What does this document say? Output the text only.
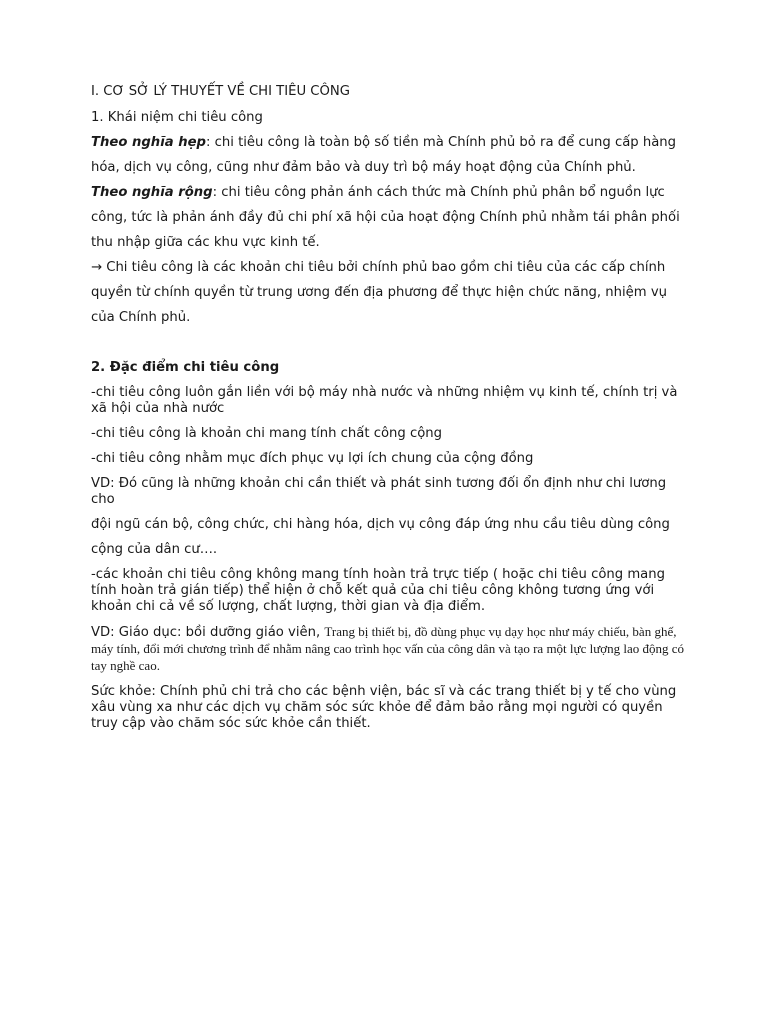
I. CƠ SỞ LÝ THUYẾT VỀ CHI TIÊU CÔNG

1. Khái niệm chi tiêu công

Theo nghĩa hẹp: chi tiêu công là toàn bộ số tiền mà Chính phủ bỏ ra để cung cấp hàng

hóa, dịch vụ công, cũng như đảm bảo và duy trì bộ máy hoạt động của Chính phủ.

Theo nghĩa rộng: chi tiêu công phản ánh cách thức mà Chính phủ phân bổ nguồn lực

công, tức là phản ánh đầy đủ chi phí xã hội của hoạt động Chính phủ nhằm tái phân phối

thu nhập giữa các khu vực kinh tế.

→ Chi tiêu công là các khoản chi tiêu bởi chính phủ bao gồm chi tiêu của các cấp chính

quyền từ chính quyền từ trung ương đến địa phương để thực hiện chức năng, nhiệm vụ

của Chính phủ.

2. Đặc điểm chi tiêu công

-chi tiêu công luôn gắn liền với bộ máy nhà nước và những nhiệm vụ kinh tế, chính trị và xã hội của nhà nước

-chi tiêu công là khoản chi mang tính chất công cộng

-chi tiêu công nhằm mục đích phục vụ lợi ích chung của cộng đồng

VD: Đó cũng là những khoản chi cần thiết và phát sinh tương đối ổn định như chi lương cho

đội ngũ cán bộ, công chức, chi hàng hóa, dịch vụ công đáp ứng nhu cầu tiêu dùng công

cộng của dân cư….

-các khoản chi tiêu công không mang tính hoàn trả trực tiếp ( hoặc chi tiêu công mang tính hoàn trả gián tiếp) thể hiện ở chỗ kết quả của chi tiêu công không tương ứng với khoản chi cả về số lượng, chất lượng, thời gian và địa điểm.

VD: Giáo dục: bồi dưỡng giáo viên, Trang bị thiết bị, đồ dùng phục vụ dạy học như máy chiếu, bàn ghế, máy tính, đổi mới chương trình để nhằm nâng cao trình học vấn của công dân và tạo ra một lực lượng lao động có tay nghề cao.

Sức khỏe: Chính phủ chi trả cho các bệnh viện, bác sĩ và các trang thiết bị y tế cho vùng xâu vùng xa như các dịch vụ chăm sóc sức khỏe để đảm bảo rằng mọi người có quyền truy cập vào chăm sóc sức khỏe cần thiết.
